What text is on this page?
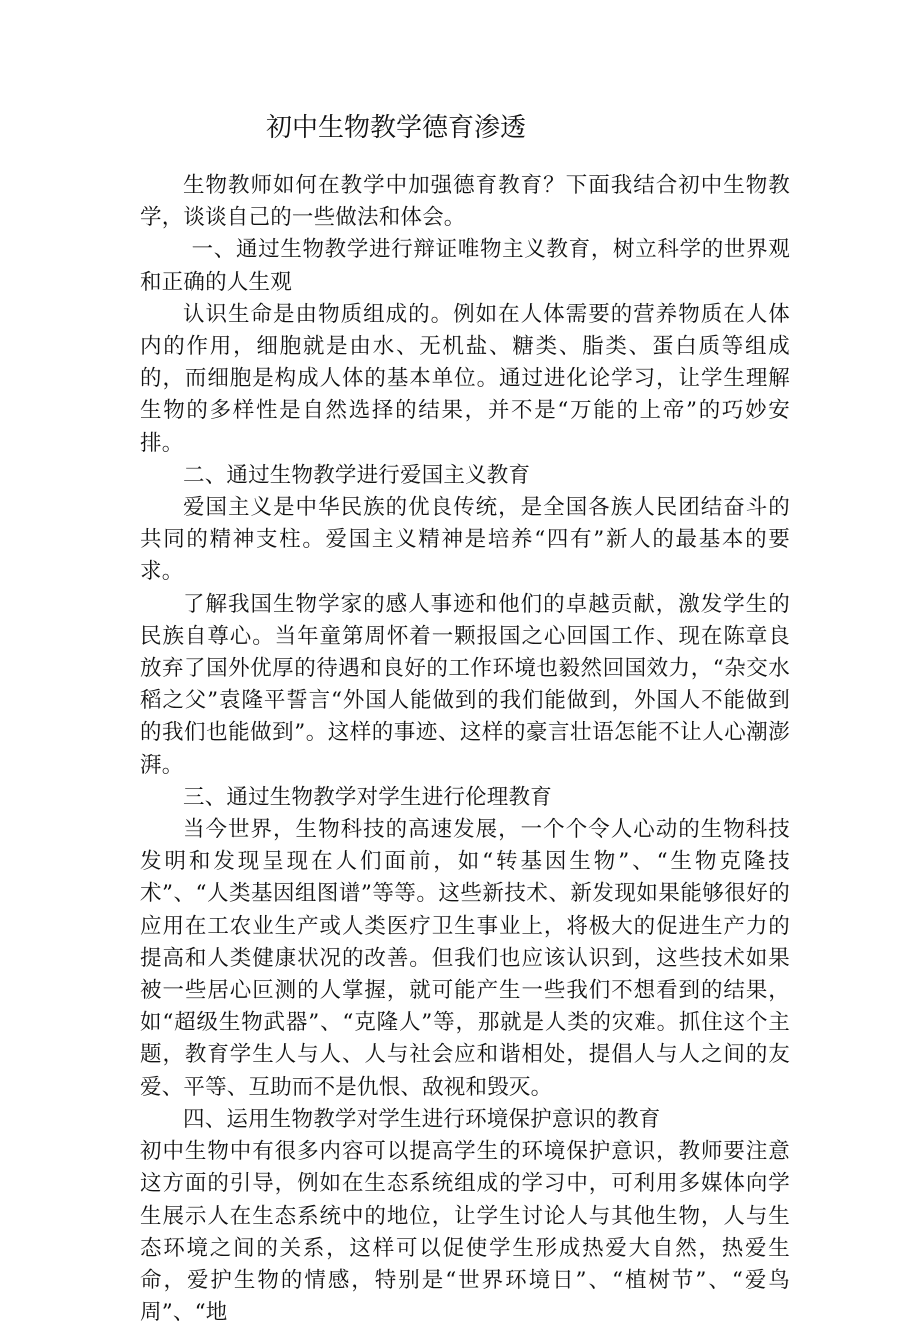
初中生物教学德育渗透

生物教师如何在教学中加强德育教育？下面我结合初中生物教学，谈谈自己的一些做法和体会。

一、通过生物教学进行辩证唯物主义教育，树立科学的世界观和正确的人生观

认识生命是由物质组成的。例如在人体需要的营养物质在人体内的作用，细胞就是由水、无机盐、糖类、脂类、蛋白质等组成的，而细胞是构成人体的基本单位。通过进化论学习，让学生理解生物的多样性是自然选择的结果，并不是“万能的上帝”的巧妙安排。

二、通过生物教学进行爱国主义教育

爱国主义是中华民族的优良传统，是全国各族人民团结奋斗的共同的精神支柱。爱国主义精神是培养“四有”新人的最基本的要求。

了解我国生物学家的感人事迹和他们的卓越贡献，激发学生的民族自尊心。当年童第周怀着一颗报国之心回国工作、现在陈章良放弃了国外优厚的待遇和良好的工作环境也毅然回国效力，“杂交水稻之父”袁隆平誓言“外国人能做到的我们能做到，外国人不能做到的我们也能做到”。这样的事迹、这样的豪言壮语怎能不让人心潮澎湃。

三、通过生物教学对学生进行伦理教育

当今世界，生物科技的高速发展，一个个令人心动的生物科技发明和发现呈现在人们面前，如“转基因生物”、“生物克隆技术”、“人类基因组图谱”等等。这些新技术、新发现如果能够很好的应用在工农业生产或人类医疗卫生事业上，将极大的促进生产力的提高和人类健康状况的改善。但我们也应该认识到，这些技术如果被一些居心叵测的人掌握，就可能产生一些我们不想看到的结果，如“超级生物武器”、“克隆人”等，那就是人类的灾难。抓住这个主题，教育学生人与人、人与社会应和谐相处，提倡人与人之间的友爱、平等、互助而不是仇恨、敌视和毁灭。

四、运用生物教学对学生进行环境保护意识的教育

初中生物中有很多内容可以提高学生的环境保护意识，教师要注意这方面的引导，例如在生态系统组成的学习中，可利用多媒体向学生展示人在生态系统中的地位，让学生讨论人与其他生物，人与生态环境之间的关系，这样可以促使学生形成热爱大自然，热爱生命，爱护生物的情感，特别是“世界环境日”、“植树节”、“爱鸟周”、“地
